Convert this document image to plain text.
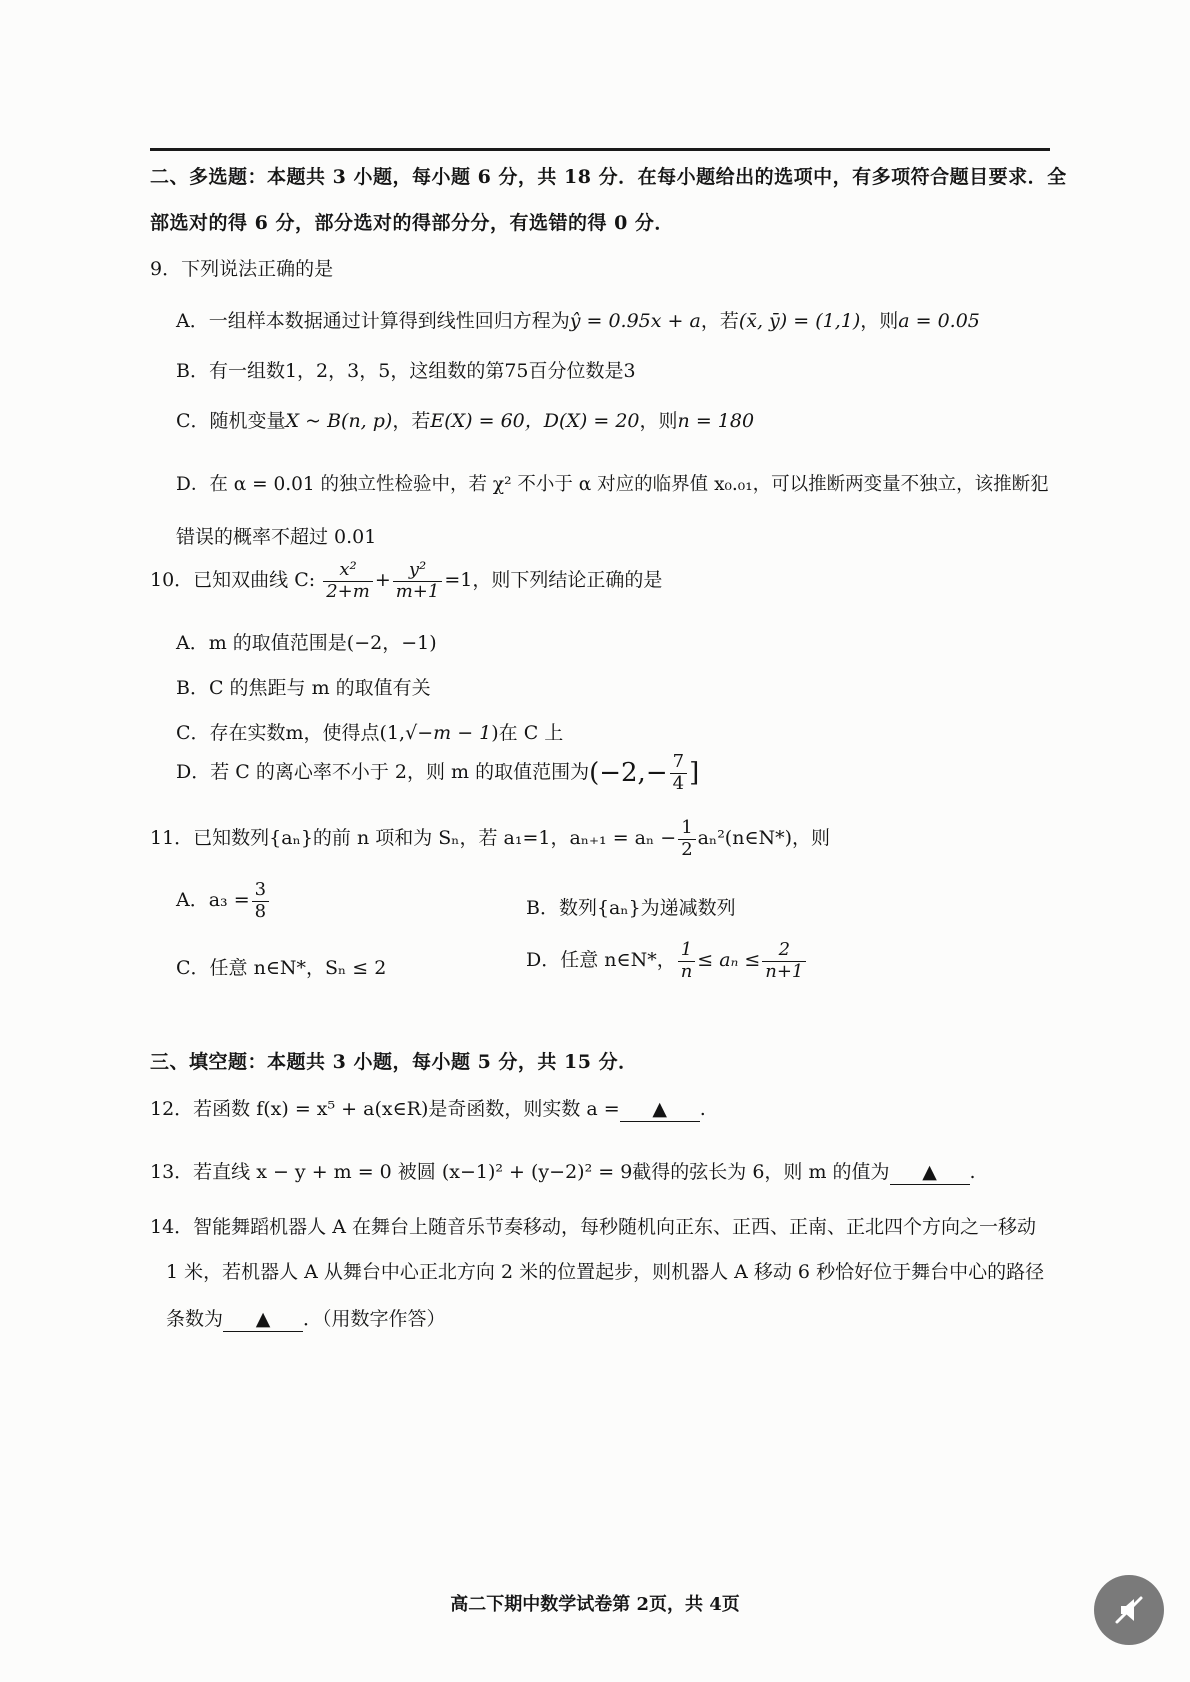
二、多选题：本题共 3 小题，每小题 6 分，共 18 分．在每小题给出的选项中，有多项符合题目要求．全
部选对的得 6 分，部分选对的得部分分，有选错的得 0 分．
9．下列说法正确的是
A．一组样本数据通过计算得到线性回归方程为ŷ = 0.95x + a，若(x̄, ȳ) = (1,1)，则a = 0.05
B．有一组数1，2，3，5，这组数的第75百分位数是3
C．随机变量X ~ B(n, p)，若E(X) = 60，D(X) = 20，则n = 180
D．在 α = 0.01 的独立性检验中，若 χ² 不小于 α 对应的临界值 x₀.₀₁，可以推断两变量不独立，该推断犯
错误的概率不超过 0.01
10．已知双曲线 C: $\frac{\text{x²}}{2+m} + \frac{\text{y²}}{m+1} =1$，则下列结论正确的是
A．m 的取值范围是(−2，−1)
B．C 的焦距与 m 的取值有关
C．存在实数m，使得点(1,√−m − 1)在 C 上
D．若 C 的离心率不小于 2，则 m 的取值范围为($-2,- \frac{7}{4}$ ]
11．已知数列{aₙ}的前 n 项和为 Sₙ，若 a₁=1，$a_{n+1} = a_n - \frac{1}{2}$ aₙ²(n∈N*)，则
A．$a_3 = \frac{3}{8}$	B．数列{aₙ}为递减数列
C．任意 n∈N*，Sₙ ≤ 2	D．任意 n∈N*， $\frac{1}{n} \le a_n \le \frac{2}{n+1}$
三、填空题：本题共 3 小题，每小题 5 分，共 15 分．
12．若函数 f(x) = x⁵ + a(x∈R)是奇函数，则实数 a = ▲ .
13．若直线 x − y + m = 0 被圆 (x−1)² + (y−2)² = 9截得的弦长为 6，则 m 的值为 ▲ .
14．智能舞蹈机器人 A 在舞台上随音乐节奏移动，每秒随机向正东、正西、正南、正北四个方向之一移动
1 米，若机器人 A 从舞台中心正北方向 2 米的位置起步，则机器人 A 移动 6 秒恰好位于舞台中心的路径
条数为 ▲ ．（用数字作答）
高二下期中数学试卷第 2页，共 4页
